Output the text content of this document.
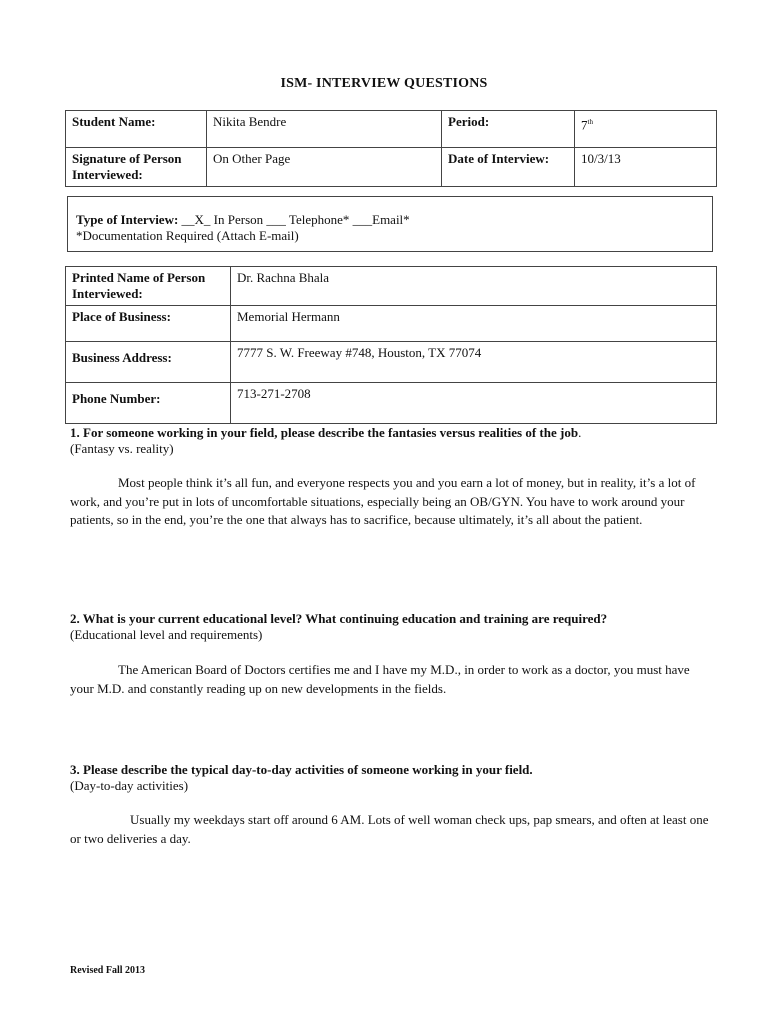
ISM- INTERVIEW QUESTIONS
Student Name:	Nikita Bendre	Period:	7th
Signature of Person
Interviewed:	On Other Page	Date of Interview:	10/3/13
Type of Interview: __X_ In Person ___ Telephone* ___Email*
*Documentation Required (Attach E-mail)
Printed Name of Person
Interviewed:	Dr. Rachna Bhala
Place of Business:	Memorial Hermann
Business Address:	7777 S. W. Freeway #748, Houston, TX 77074
Phone Number:	713-271-2708
1. For someone working in your field, please describe the fantasies versus realities of the job.
(Fantasy vs. reality)
Most people think it’s all fun, and everyone respects you and you earn a lot of money, but in reality, it’s a lot of work, and you’re put in lots of uncomfortable situations, especially being an OB/GYN. You have to work around your patients, so in the end, you’re the one that always has to sacrifice, because ultimately, it’s all about the patient.
2. What is your current educational level? What continuing education and training are required?
(Educational level and requirements)
The American Board of Doctors certifies me and I have my M.D., in order to work as a doctor, you must have your M.D. and constantly reading up on new developments in the fields.
3. Please describe the typical day-to-day activities of someone working in your field.
(Day-to-day activities)
Usually my weekdays start off around 6 AM. Lots of well woman check ups, pap smears, and often at least one or two deliveries a day.
Revised Fall 2013
